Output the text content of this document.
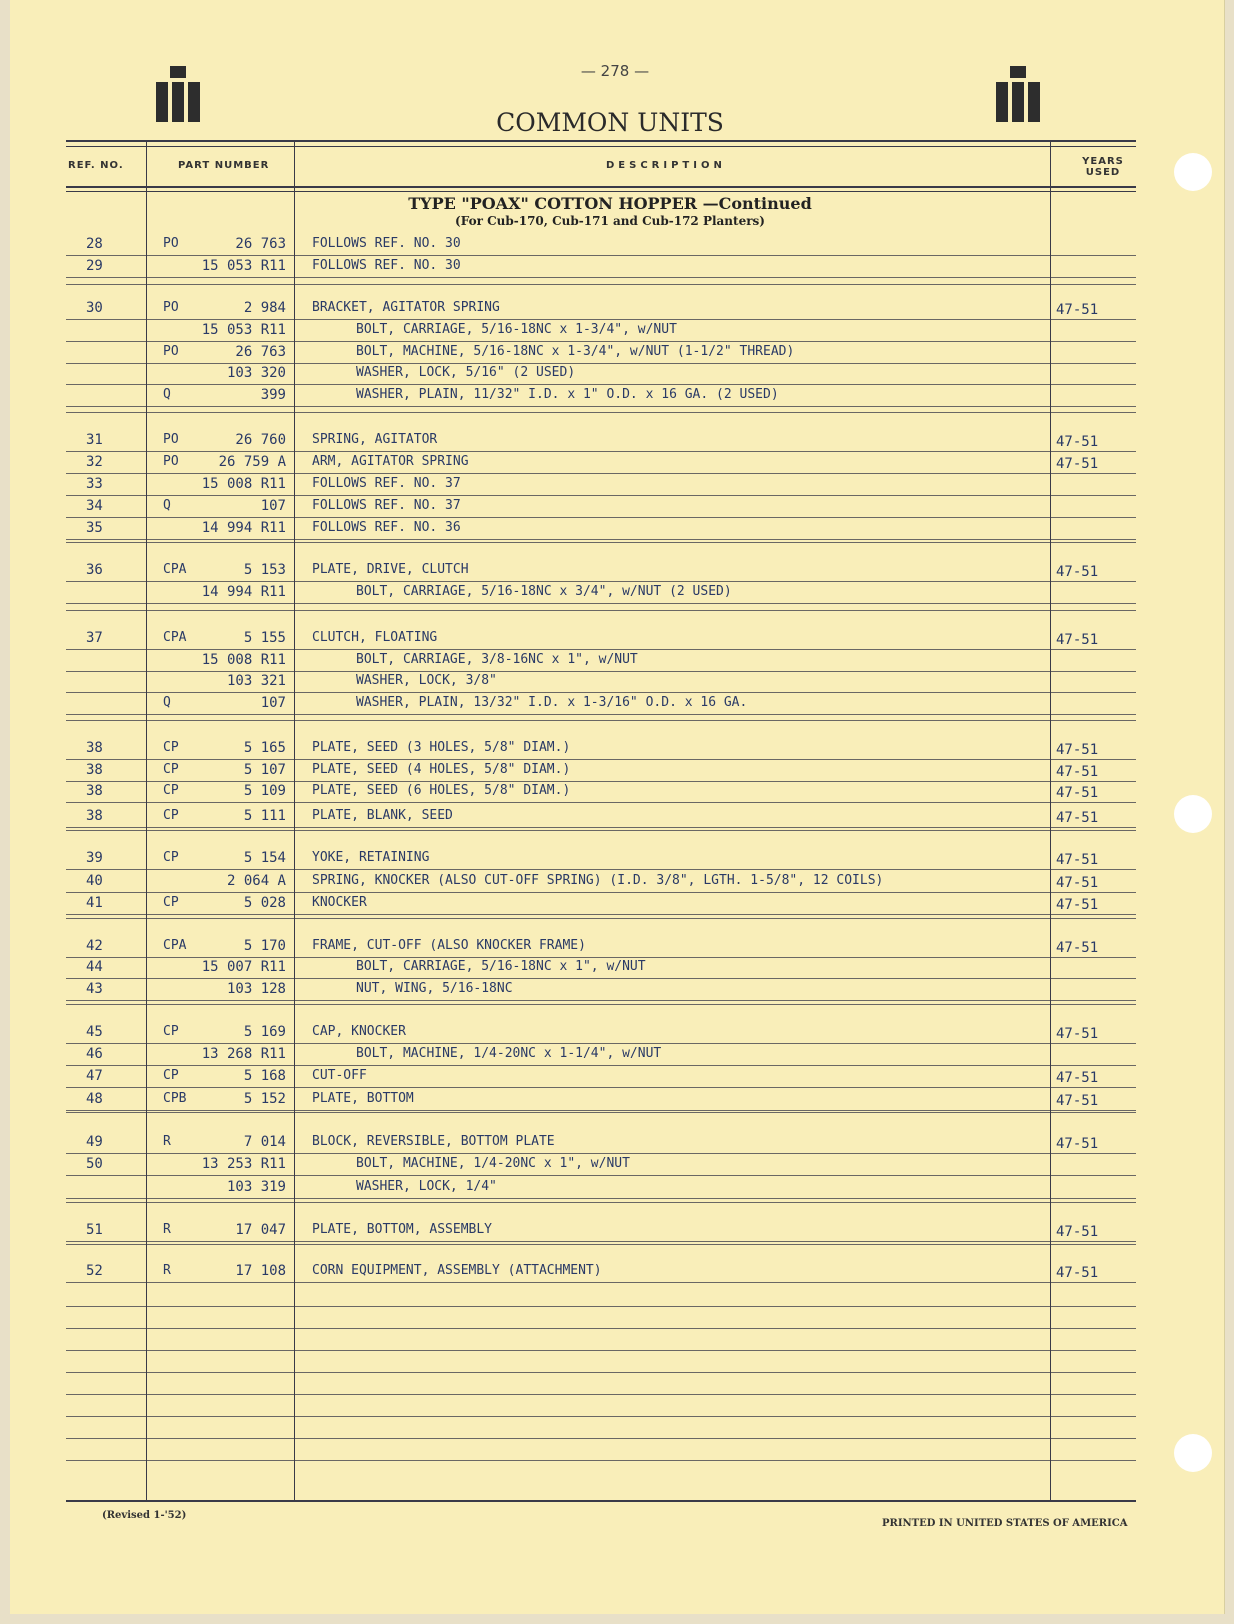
— 278 —
COMMON UNITS
REF. NO.	PART NUMBER	DESCRIPTION	YEARS USED
TYPE "POAX" COTTON HOPPER —Continued
(For Cub-170, Cub-171 and Cub-172 Planters)
28	PO	26 763 FOLLOWS REF. NO. 30
29	15 053 R11 FOLLOWS REF. NO. 30
30	PO	2 984 BRACKET, AGITATOR SPRING	47-51
15 053 R11	BOLT, CARRIAGE, 5/16-18NC x 1-3/4", w/NUT
PO	26 763	BOLT, MACHINE, 5/16-18NC x 1-3/4", w/NUT (1-1/2" THREAD)
103 320	WASHER, LOCK, 5/16" (2 USED)
Q	399	WASHER, PLAIN, 11/32" I.D. x 1" O.D. x 16 GA. (2 USED)
31	PO	26 760 SPRING, AGITATOR	47-51
32	PO	26 759 A ARM, AGITATOR SPRING	47-51
33	15 008 R11 FOLLOWS REF. NO. 37
34	Q	107 FOLLOWS REF. NO. 37
35	14 994 R11 FOLLOWS REF. NO. 36
36	CPA	5 153 PLATE, DRIVE, CLUTCH	47-51
14 994 R11	BOLT, CARRIAGE, 5/16-18NC x 3/4", w/NUT (2 USED)
37	CPA	5 155 CLUTCH, FLOATING	47-51
15 008 R11	BOLT, CARRIAGE, 3/8-16NC x 1", w/NUT
103 321	WASHER, LOCK, 3/8"
Q	107	WASHER, PLAIN, 13/32" I.D. x 1-3/16" O.D. x 16 GA.
38	CP	5 165 PLATE, SEED (3 HOLES, 5/8" DIAM.)	47-51
38	CP	5 107 PLATE, SEED (4 HOLES, 5/8" DIAM.)	47-51
38	CP	5 109 PLATE, SEED (6 HOLES, 5/8" DIAM.)	47-51
38	CP	5 111 PLATE, BLANK, SEED	47-51
39	CP	5 154 YOKE, RETAINING	47-51
40	2 064 A SPRING, KNOCKER (ALSO CUT-OFF SPRING) (I.D. 3/8", LGTH. 1-5/8", 12 COILS)	47-51
41	CP	5 028 KNOCKER	47-51
42	CPA	5 170 FRAME, CUT-OFF (ALSO KNOCKER FRAME)	47-51
44	15 007 R11	BOLT, CARRIAGE, 5/16-18NC x 1", w/NUT
43	103 128	NUT, WING, 5/16-18NC
45	CP	5 169 CAP, KNOCKER	47-51
46	13 268 R11	BOLT, MACHINE, 1/4-20NC x 1-1/4", w/NUT
47	CP	5 168 CUT-OFF	47-51
48	CPB	5 152 PLATE, BOTTOM	47-51
49	R	7 014 BLOCK, REVERSIBLE, BOTTOM PLATE	47-51
50	13 253 R11	BOLT, MACHINE, 1/4-20NC x 1", w/NUT
103 319	WASHER, LOCK, 1/4"
51	R	17 047 PLATE, BOTTOM, ASSEMBLY	47-51
52	R	17 108 CORN EQUIPMENT, ASSEMBLY (ATTACHMENT)	47-51
(Revised 1-'52)
PRINTED IN UNITED STATES OF AMERICA
